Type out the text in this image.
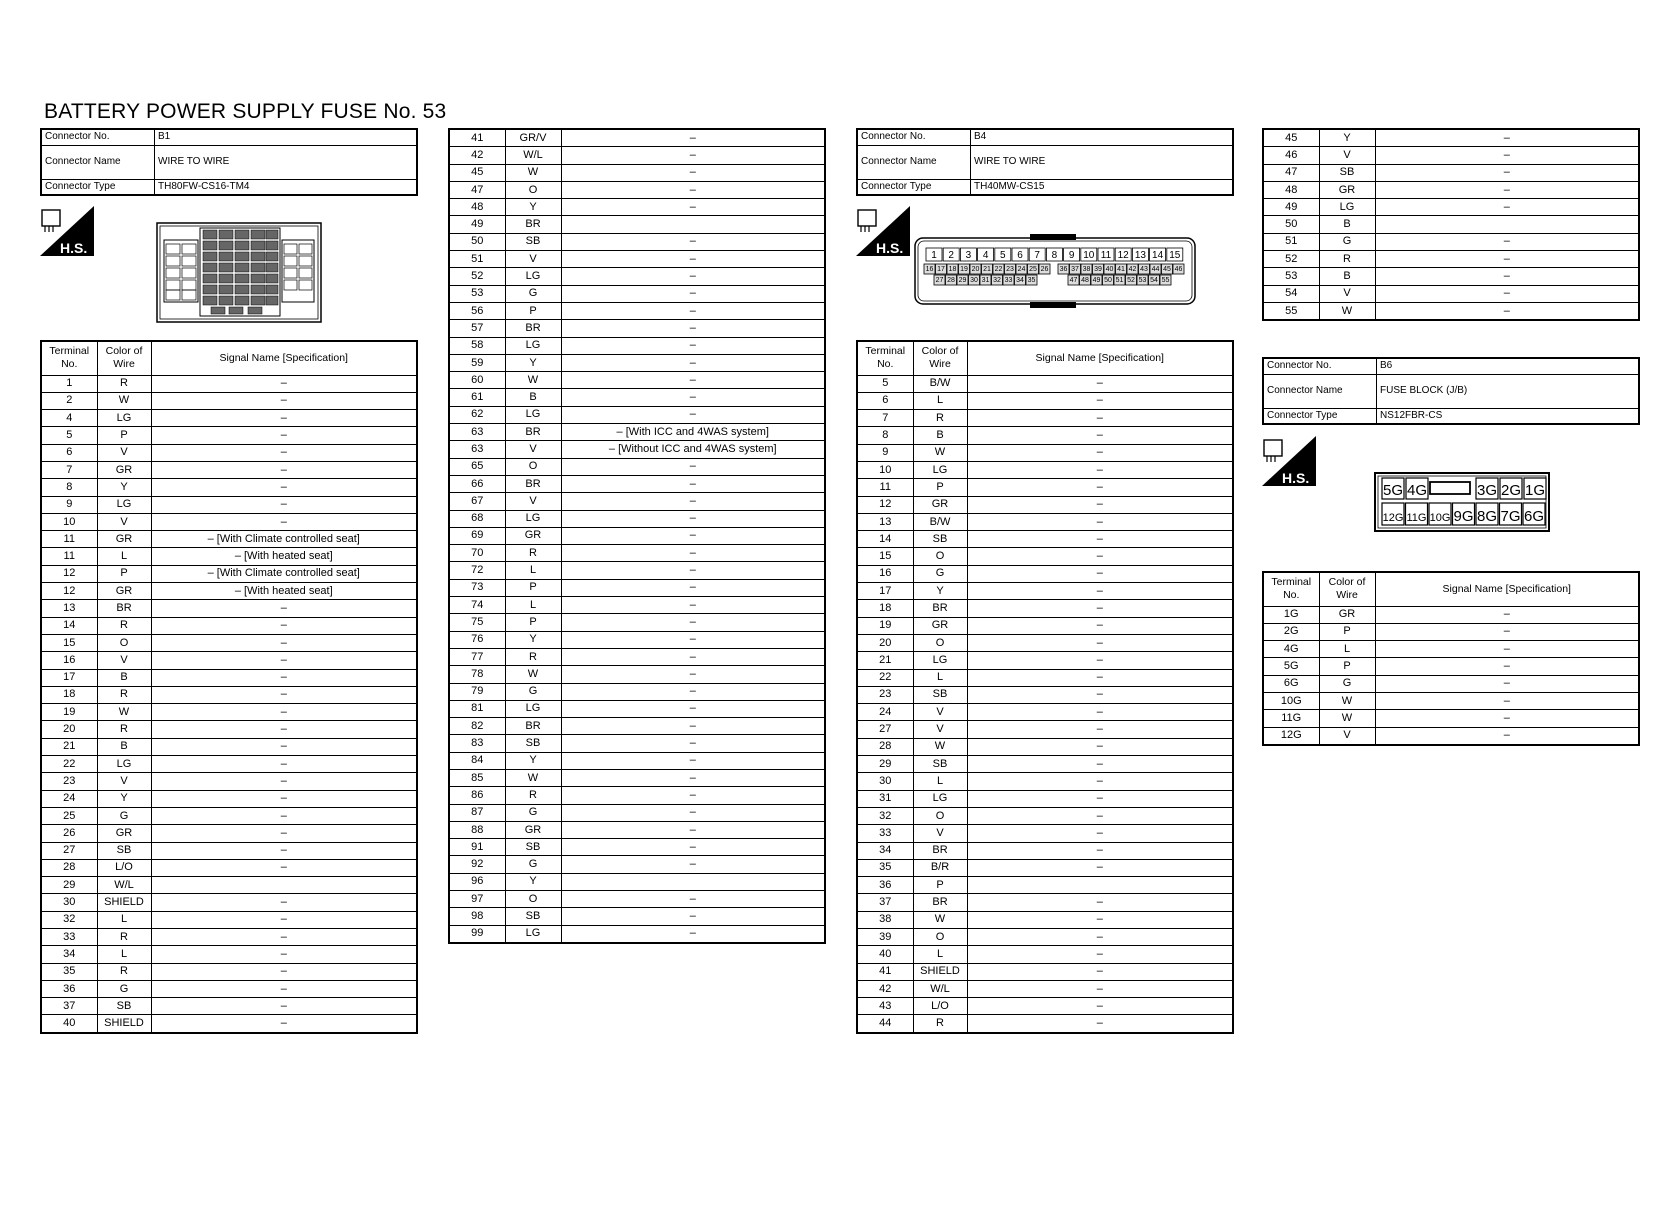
BATTERY POWER SUPPLY FUSE No. 53
Connector No.	B1
Connector Name	WIRE TO WIRE
Connector Type	TH80FW-CS16-TM4
H.S.
Terminal No.	Color of Wire	Signal Name [Specification]
1	R	–
2	W	–
4	LG	–
5	P	–
6	V	–
7	GR	–
8	Y	–
9	LG	–
10	V	–
11	GR	– [With Climate controlled seat]
11	L	– [With heated seat]
12	P	– [With Climate controlled seat]
12	GR	– [With heated seat]
13	BR	–
14	R	–
15	O	–
16	V	–
17	B	–
18	R	–
19	W	–
20	R	–
21	B	–
22	LG	–
23	V	–
24	Y	–
25	G	–
26	GR	–
27	SB	–
28	L/O	–
29	W/L	
30	SHIELD	–
32	L	–
33	R	–
34	L	–
35	R	–
36	G	–
37	SB	–
40	SHIELD	–
41	GR/V	–
42	W/L	–
45	W	–
47	O	–
48	Y	–
49	BR	
50	SB	–
51	V	–
52	LG	–
53	G	–
56	P	–
57	BR	–
58	LG	–
59	Y	–
60	W	–
61	B	–
62	LG	–
63	BR	– [With ICC and 4WAS system]
63	V	– [Without ICC and 4WAS system]
65	O	–
66	BR	–
67	V	–
68	LG	–
69	GR	–
70	R	–
72	L	–
73	P	–
74	L	–
75	P	–
76	Y	–
77	R	–
78	W	–
79	G	–
81	LG	–
82	BR	–
83	SB	–
84	Y	–
85	W	–
86	R	–
87	G	–
88	GR	–
91	SB	–
92	G	–
96	Y	
97	O	–
98	SB	–
99	LG	–
Connector No.	B4
Connector Name	WIRE TO WIRE
Connector Type	TH40MW-CS15
H.S.	1 2 3 4 5 6 7 8 9 10 11 12 13 14 15
16 17 18 19 20 21 22 23 24 25 26 36 37 38 39 40 41 42 43 44 45 46
27 28 29 30 31 32 33 34 35	47 48 49 50 51 52 53 54 55
Terminal No.	Color of Wire	Signal Name [Specification]
5	B/W	–
6	L	–
7	R	–
8	B	–
9	W	–
10	LG	–
11	P	–
12	GR	–
13	B/W	–
14	SB	–
15	O	–
16	G	–
17	Y	–
18	BR	–
19	GR	–
20	O	–
21	LG	–
22	L	–
23	SB	–
24	V	–
27	V	–
28	W	–
29	SB	–
30	L	–
31	LG	–
32	O	–
33	V	–
34	BR	–
35	B/R	–
36	P	
37	BR	–
38	W	–
39	O	–
40	L	–
41	SHIELD	–
42	W/L	–
43	L/O	–
44	R	–
45	Y	–
46	V	–
47	SB	–
48	GR	–
49	LG	–
50	B	
51	G	–
52	R	–
53	B	–
54	V	–
55	W	–
Connector No.	B6
Connector Name	FUSE BLOCK (J/B)
Connector Type	NS12FBR-CS
H.S.
5G 4G	3G 2G 1G
12G 11G 10G 9G 8G 7G 6G
Terminal No.	Color of Wire	Signal Name [Specification]
1G	GR	–
2G	P	–
4G	L	–
5G	P	–
6G	G	–
10G	W	–
11G	W	–
12G	V	–
